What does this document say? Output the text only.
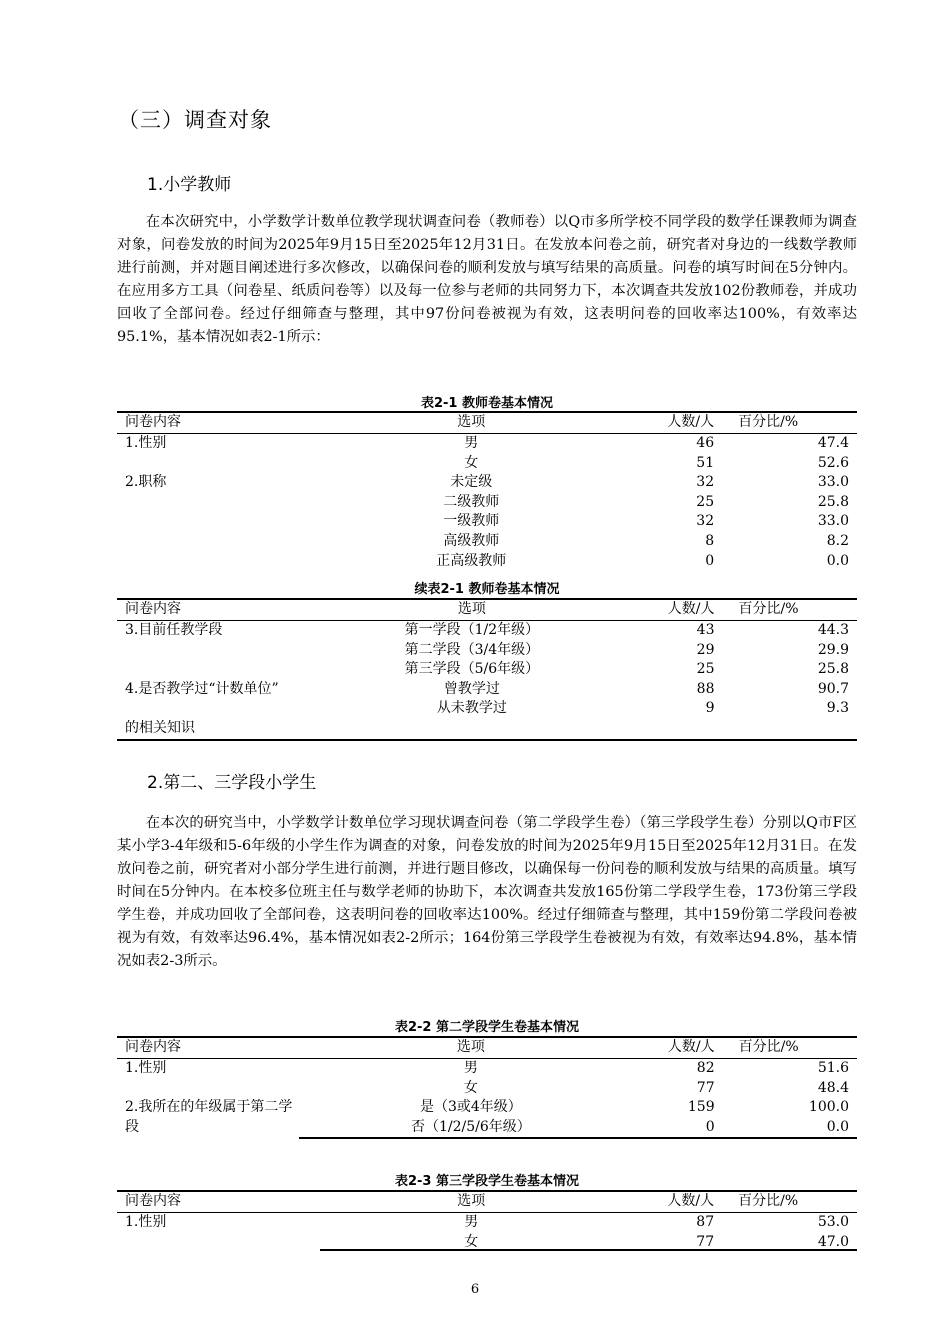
（三）调查对象
1.小学教师

在本次研究中，小学数学计数单位教学现状调查问卷（教师卷）以Q市多所学校不同学段的数学任课教师为调查对象，问卷发放的时间为2025年9月15日至2025年12月31日。在发放本问卷之前，研究者对身边的一线数学教师进行前测，并对题目阐述进行多次修改，以确保问卷的顺利发放与填写结果的高质量。问卷的填写时间在5分钟内。在应用多方工具（问卷星、纸质问卷等）以及每一位参与老师的共同努力下，本次调查共发放102份教师卷，并成功回收了全部问卷。经过仔细筛查与整理，其中97份问卷被视为有效，这表明问卷的回收率达100%，有效率达95.1%，基本情况如表2-1所示：

表2-1 教师卷基本情况
问卷内容	选项	人数/人	百分比/%
1.性别	男	46	47.4
	女	51	52.6
2.职称	未定级	32	33.0
	二级教师	25	25.8
	一级教师	32	33.0
	高级教师	8	8.2
	正高级教师	0	0.0
续表2-1 教师卷基本情况
问卷内容	选项	人数/人	百分比/%
3.目前任教学段	第一学段（1/2年级）	43	44.3
	第二学段（3/4年级）	29	29.9
	第三学段（5/6年级）	25	25.8
4.是否教学过“计数单位”	曾教学过	88	90.7
	从未教学过	9	9.3
的相关知识			
2.第二、三学段小学生

在本次的研究当中，小学数学计数单位学习现状调查问卷（第二学段学生卷）（第三学段学生卷）分别以Q市F区某小学3-4年级和5-6年级的小学生作为调查的对象，问卷发放的时间为2025年9月15日至2025年12月31日。在发放问卷之前，研究者对小部分学生进行前测，并进行题目修改，以确保每一份问卷的顺利发放与结果的高质量。填写时间在5分钟内。在本校多位班主任与数学老师的协助下，本次调查共发放165份第二学段学生卷，173份第三学段学生卷，并成功回收了全部问卷，这表明问卷的回收率达100%。经过仔细筛查与整理，其中159份第二学段问卷被视为有效，有效率达96.4%，基本情况如表2-2所示；164份第三学段学生卷被视为有效，有效率达94.8%，基本情况如表2-3所示。

表2-2 第二学段学生卷基本情况
问卷内容	选项	人数/人	百分比/%
1.性别	男	82	51.6
	女	77	48.4
2.我所在的年级属于第二学段	是（3或4年级）	159	100.0
	否（1/2/5/6年级）	0	0.0
表2-3 第三学段学生卷基本情况
问卷内容	选项	人数/人	百分比/%
1.性别	男	87	53.0
	女	77	47.0
6
